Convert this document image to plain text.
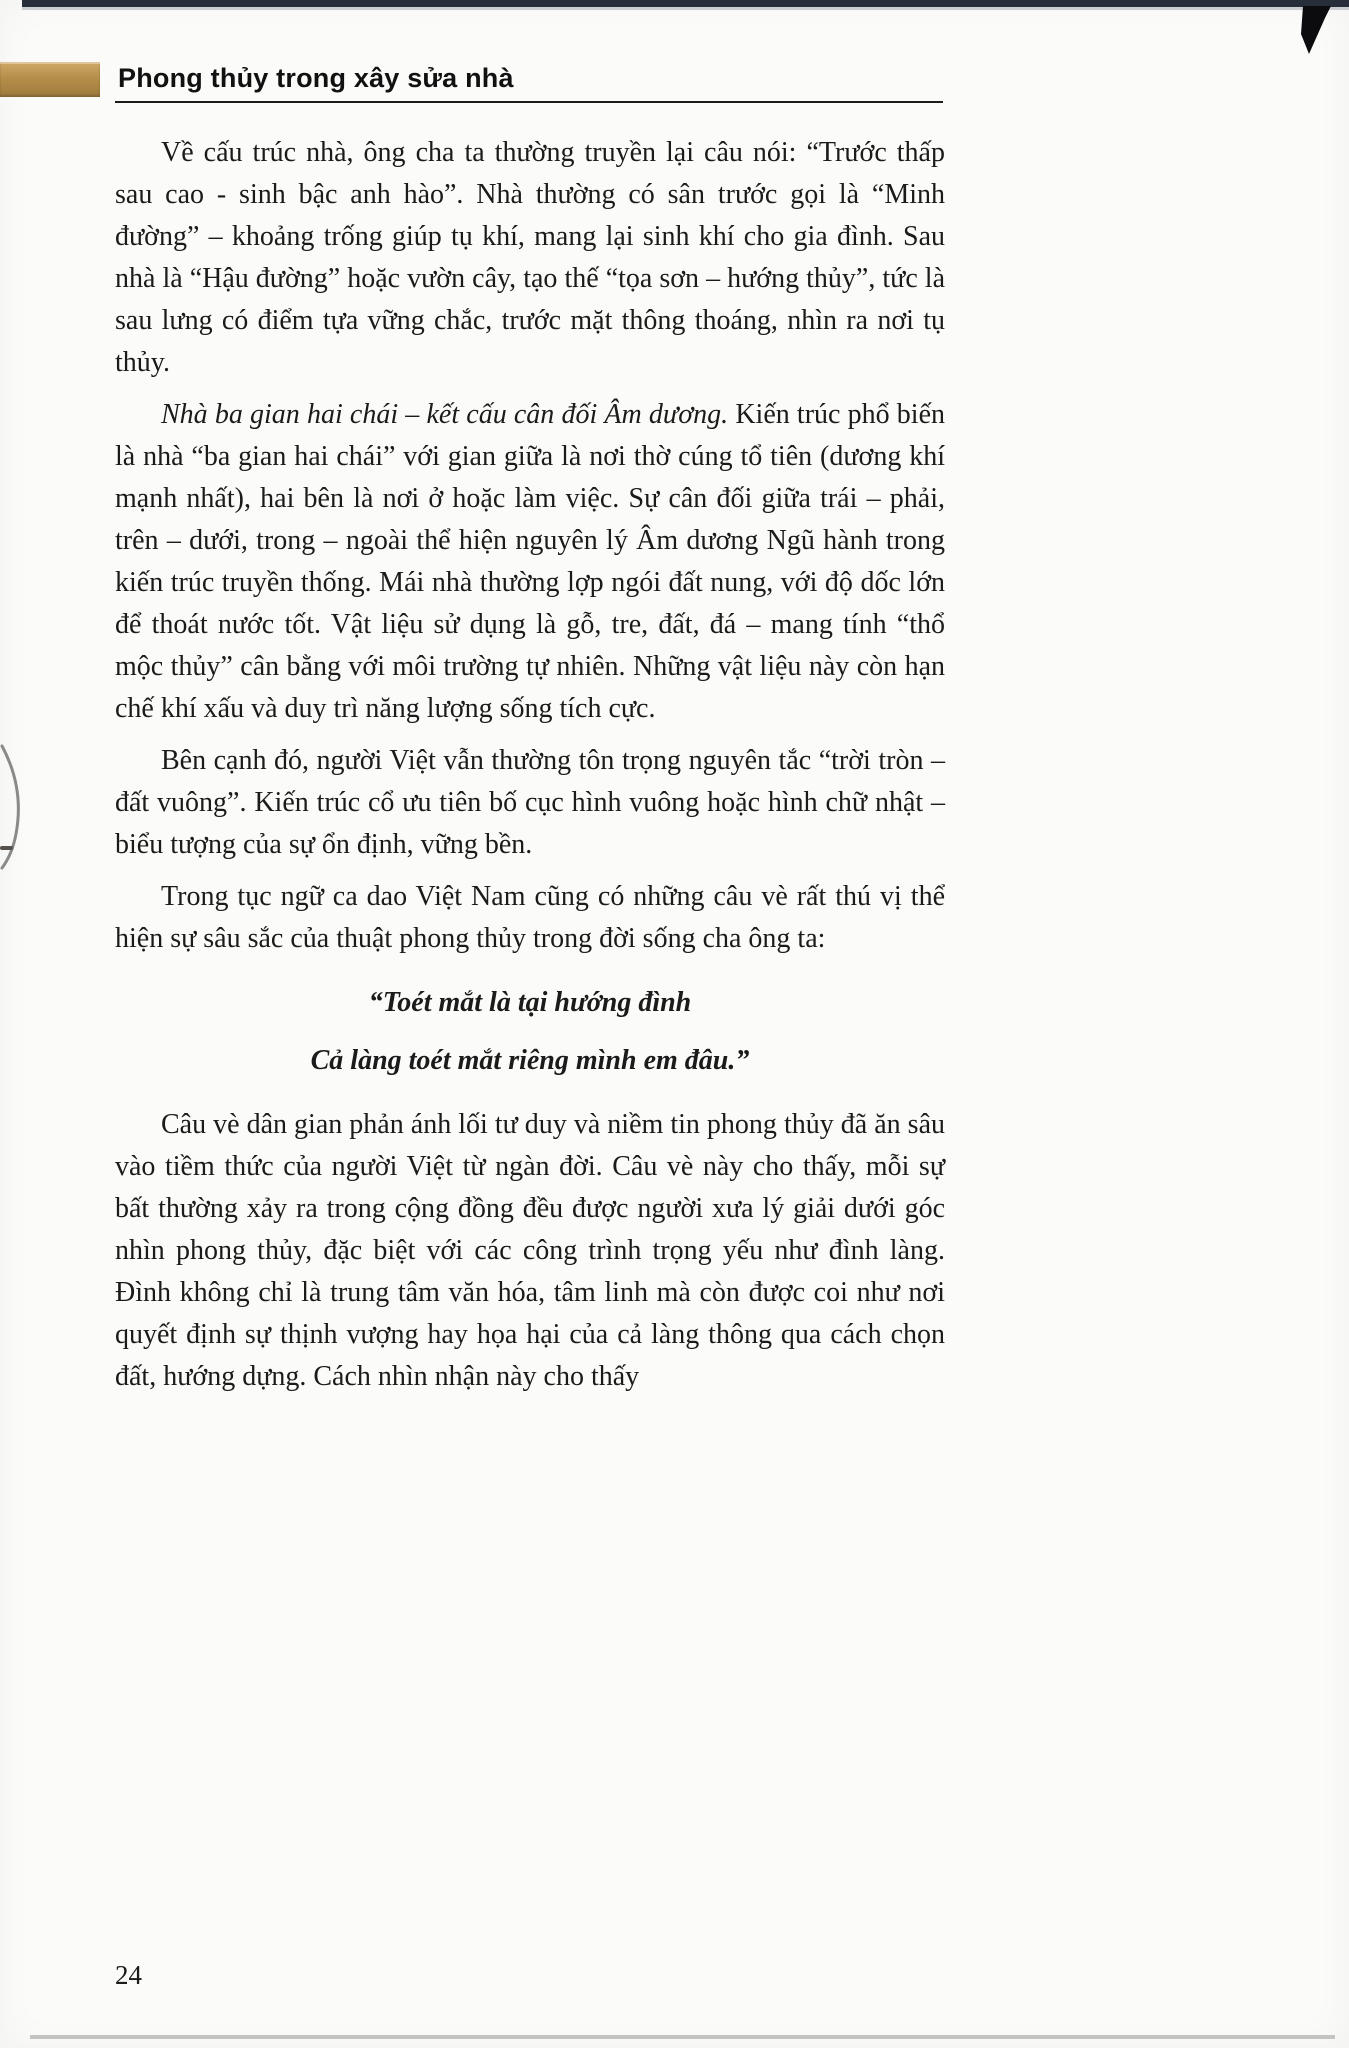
Phong thủy trong xây sửa nhà

Về cấu trúc nhà, ông cha ta thường truyền lại câu nói: “Trước thấp sau cao - sinh bậc anh hào”. Nhà thường có sân trước gọi là “Minh đường” – khoảng trống giúp tụ khí, mang lại sinh khí cho gia đình. Sau nhà là “Hậu đường” hoặc vườn cây, tạo thế “tọa sơn – hướng thủy”, tức là sau lưng có điểm tựa vững chắc, trước mặt thông thoáng, nhìn ra nơi tụ thủy.

Nhà ba gian hai chái – kết cấu cân đối Âm dương. Kiến trúc phổ biến là nhà “ba gian hai chái” với gian giữa là nơi thờ cúng tổ tiên (dương khí mạnh nhất), hai bên là nơi ở hoặc làm việc. Sự cân đối giữa trái – phải, trên – dưới, trong – ngoài thể hiện nguyên lý Âm dương Ngũ hành trong kiến trúc truyền thống. Mái nhà thường lợp ngói đất nung, với độ dốc lớn để thoát nước tốt. Vật liệu sử dụng là gỗ, tre, đất, đá – mang tính “thổ mộc thủy” cân bằng với môi trường tự nhiên. Những vật liệu này còn hạn chế khí xấu và duy trì năng lượng sống tích cực.

Bên cạnh đó, người Việt vẫn thường tôn trọng nguyên tắc “trời tròn – đất vuông”. Kiến trúc cổ ưu tiên bố cục hình vuông hoặc hình chữ nhật – biểu tượng của sự ổn định, vững bền.

Trong tục ngữ ca dao Việt Nam cũng có những câu vè rất thú vị thể hiện sự sâu sắc của thuật phong thủy trong đời sống cha ông ta:

“Toét mắt là tại hướng đình

Cả làng toét mắt riêng mình em đâu.”

Câu vè dân gian phản ánh lối tư duy và niềm tin phong thủy đã ăn sâu vào tiềm thức của người Việt từ ngàn đời. Câu vè này cho thấy, mỗi sự bất thường xảy ra trong cộng đồng đều được người xưa lý giải dưới góc nhìn phong thủy, đặc biệt với các công trình trọng yếu như đình làng. Đình không chỉ là trung tâm văn hóa, tâm linh mà còn được coi như nơi quyết định sự thịnh vượng hay họa hại của cả làng thông qua cách chọn đất, hướng dựng. Cách nhìn nhận này cho thấy

24
